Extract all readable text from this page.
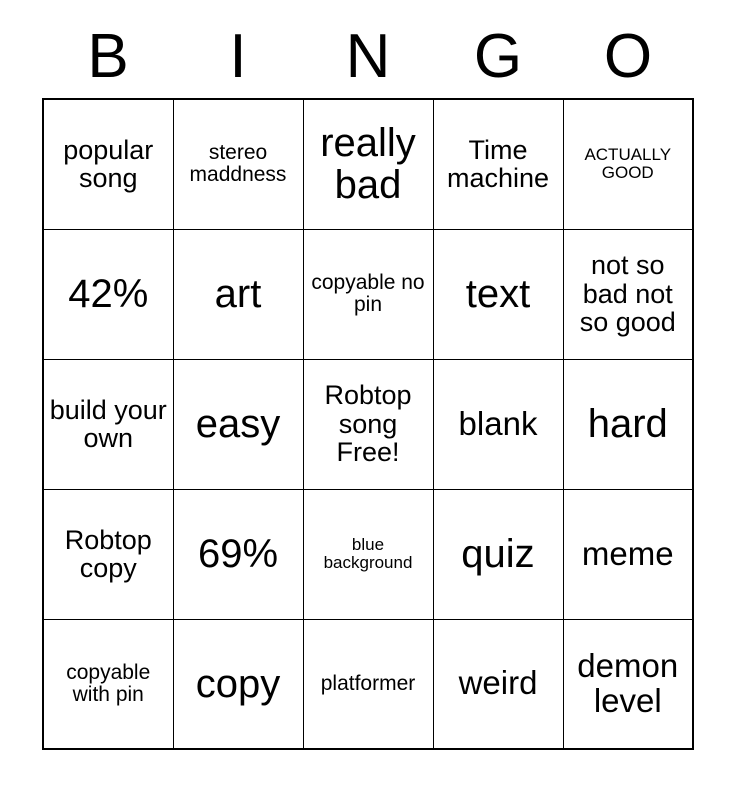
B	I	N	G	O
popular song	stereo maddness	really bad	Time machine	ACTUALLY GOOD

42%	art	copyable no pin	text	not so bad not so good

build your own	easy	Robtop song Free!	blank	hard

Robtop copy	69%	blue background	quiz	meme

copyable with pin	copy	platformer	weird	demon level
